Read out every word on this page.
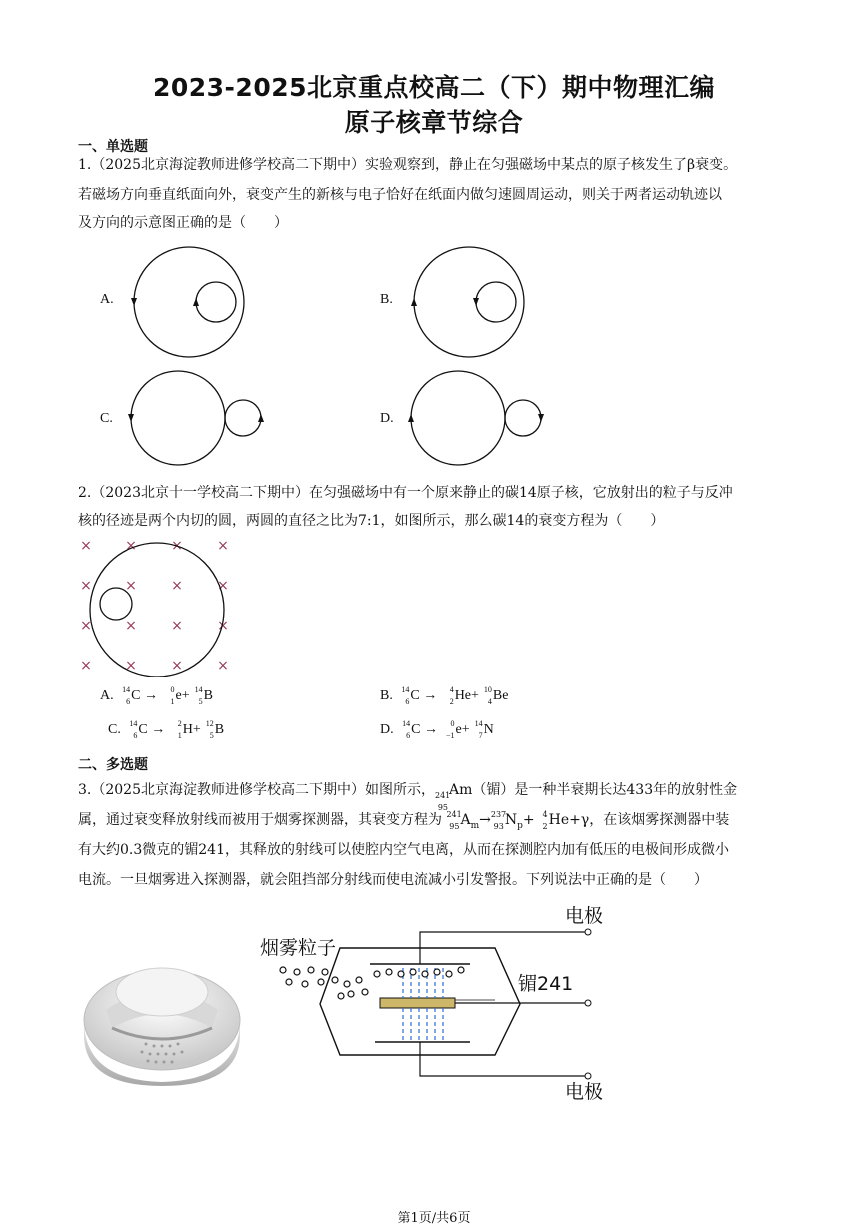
2023-2025北京重点校高二（下）期中物理汇编
原子核章节综合
一、单选题
1.（2025北京海淀教师进修学校高二下期中）实验观察到，静止在匀强磁场中某点的原子核发生了β衰变。
若磁场方向垂直纸面向外，衰变产生的新核与电子恰好在纸面内做匀速圆周运动，则关于两者运动轨迹以
及方向的示意图正确的是（　　）
A.	B.
C.	D.
2.（2023北京十一学校高二下期中）在匀强磁场中有一个原来静止的碳14原子核，它放射出的粒子与反冲
核的径迹是两个内切的圆，两圆的直径之比为7:1，如图所示，那么碳14的衰变方程为（　　）
× × × ×
× × × ×
× × × ×
× × × ×
A.	14
6 C →	0
1 e+ 14
5 B	B.	14
6 C →	4
2 He+ 10
4 Be
C.	14
6 C →	2
1 H+ 12
5 B	D.	14
6 C →	0
−1 e+ 14
7 N
二、多选题
3.（2025北京海淀教师进修学校高二下期中）如图所示， 241
95
Am（镅）是一种半衰期长达433年的放射性金
属，通过衰变释放射线而被用于烟雾探测器，其衰变方程为 241
95 $A_m\to 237$
93 $N_p+ 4$
2 He+γ，在该烟雾探测器中装
有大约0.3微克的镅241，其释放的射线可以使腔内空气电离，从而在探测腔内加有低压的电极间形成微小
电流。一旦烟雾进入探测器，就会阻挡部分射线而使电流减小引发警报。下列说法中正确的是（　　）
电极
烟雾粒子
镅241
电极
第1页/共6页
